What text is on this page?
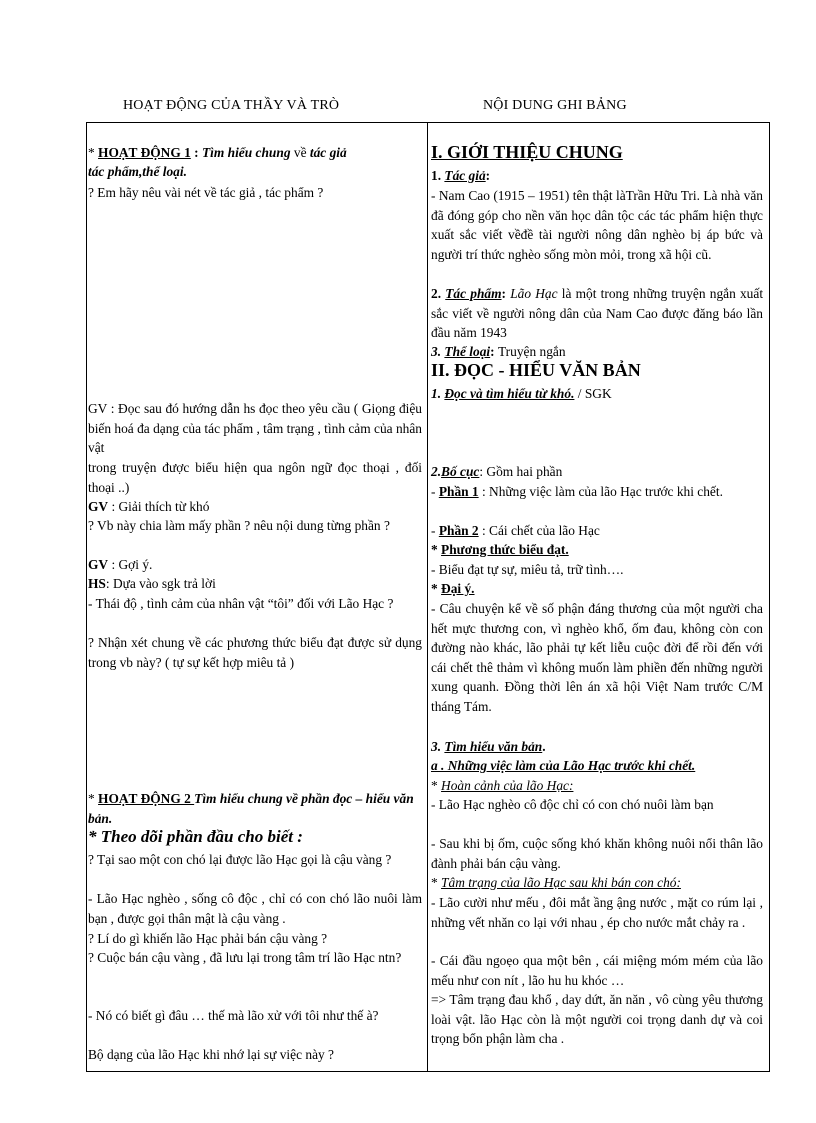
HOẠT ĐỘNG CỦA THẦY VÀ TRÒ	NỘI DUNG GHI BẢNG

* HOẠT ĐỘNG 1 : Tìm hiểu chung về tác giả

tác phẩm,thể loại.

? Em hãy nêu vài nét về tác giả , tác phẩm ?

GV : Đọc sau đó hướng dẫn hs đọc theo yêu cầu ( Giọng điệu biến hoá đa dạng của tác phẩm , tâm trạng , tình cảm của nhân vật

trong truyện được biểu hiện qua ngôn ngữ đọc thoại , đối thoại ..)

GV : Giải thích từ khó

? Vb này chia làm mấy phần ? nêu nội dung từng phần ?

GV : Gợi ý.

HS: Dựa vào sgk trả lời

- Thái độ , tình cảm của nhân vật “tôi” đối với Lão Hạc ?

? Nhận xét chung về các phương thức biểu đạt được sử dụng trong vb này? ( tự sự kết hợp miêu tả )

* HOẠT ĐỘNG 2 Tìm hiểu chung về phần đọc – hiểu văn bản.

* Theo dõi phần đầu cho biết :

? Tại sao một con chó lại được lão Hạc gọi là cậu vàng ?

- Lão Hạc nghèo , sống cô độc , chỉ có con chó lão nuôi làm bạn , được gọi thân mật là cậu vàng .

? Lí do gì khiến lão Hạc phải bán cậu vàng ?

? Cuộc bán cậu vàng , đã lưu lại trong tâm trí lão Hạc ntn?

- Nó có biết gì đâu … thế mà lão xử với tôi như thế à?

Bộ dạng của lão Hạc khi nhớ lại sự việc này ?

I. GIỚI THIỆU CHUNG

1. Tác giả:

- Nam Cao (1915 – 1951) tên thật làTrần Hữu Tri. Là nhà văn đã đóng góp cho nền văn học dân tộc các tác phẩm hiện thực xuất sắc viết vềđề tài người nông dân nghèo bị áp bức và người trí thức nghèo sống mòn mỏi, trong xã hội cũ.

2. Tác phẩm: Lão Hạc là một trong những truyện ngắn xuất sắc viết về người nông dân của Nam Cao được đăng báo lần đầu năm 1943

3. Thể loại: Truyện ngắn

II. ĐỌC - HIỂU VĂN BẢN

1. Đọc và tìm hiểu từ khó. / SGK

2.Bố cục: Gồm hai phần

- Phần 1 : Những việc làm của lão Hạc trước khi chết.

- Phần 2 : Cái chết của lão Hạc

* Phương thức biểu đạt.

- Biểu đạt tự sự, miêu tả, trữ tình….

* Đại ý.

- Câu chuyện kể về số phận đáng thương của một người cha hết mực thương con, vì nghèo khổ, ốm đau, không còn con đường nào khác, lão phải tự kết liễu cuộc đời để rồi đến với cái chết thê thảm vì không muốn làm phiền đến những người xung quanh. Đồng thời lên án xã hội Việt Nam trước C/M tháng Tám.

3. Tìm hiểu văn bản.

a . Những việc làm của Lão Hạc trước khi chết.

* Hoàn cảnh của lão Hạc:

- Lão Hạc nghèo cô độc chỉ có con chó nuôi làm bạn

- Sau khi bị ốm, cuộc sống khó khăn không nuôi nổi thân lão đành phải bán cậu vàng.

* Tâm trạng của lão Hạc sau khi bán con chó:

- Lão cười như mếu , đôi mắt ầng ậng nước , mặt co rúm lại , những vết nhăn co lại với nhau , ép cho nước mắt chảy ra .

- Cái đầu ngoẹo qua một bên , cái miệng móm mém của lão mếu như con nít , lão hu hu khóc …

=> Tâm trạng đau khổ , day dứt, ăn năn , vô cùng yêu thương loài vật. lão Hạc còn là một người coi trọng danh dự và coi trọng bổn phận làm cha .
